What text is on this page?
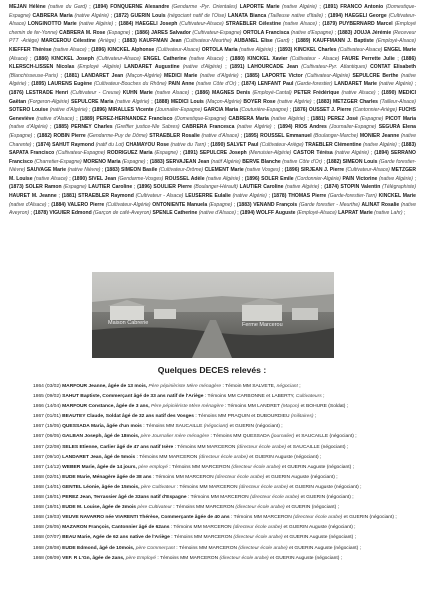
MEJAN Hélène (native du Gard) ; (1894) FONQUERNE Alexandre (Gendarme -Pyr. Orientales) LAPORTE Marie (native Algérie) ; (1891) FRANCO Antonio (Domestique-Espagne) CABRERA Maria (native Algérie) ; (1872) GUERIN Louis (négociant natif de l'Oise) LANATA Bianca (Tailleuse native d'Italie) ; (1894) HAEGELI George (Cultivateur-Alsace) LONGINOTTO Marie (native Algérie) ; (1884) HAEGELI Joseph (Cultivateur-Alsace) STRAEBLER Célestine (native Alsace) ; (1879) PUYBERNARD Marcel (Employé chemin de fer-Yonne) CABRERA M. Rose (Espagne) ; (1886) JARES Salvador (Cultivateur-Espagne) ORTOLA Francisca (native d'Espagne) ; (1883) JOUJA Jérémie (Receveur PTT -Ariège) MARCEROU Célestine (Ariège) ; (1883) KAUFFMAN Jean (Cultivateur-Meurthe) AUBANEL Elise (Gard) ; (1889) KAUFFMANN J. Baptiste (Employé-Alsace) KIEFFER Thérèse (native Alsace) ; (1896) KINCKEL Alphonse (Cultivateur-Alsace) ORTOLA Maria (native Algérie) ; (1893) KINCKEL Charles (Cultivateur-Alsace) ENGEL Marie (Alsace) ; (1886) KINCKEL Joseph (Cultivateur-Alsace) ENGEL Catherine (native Alsace) ; (1880) KINCKEL Xavier (Cultivateur - Alsace) FAURE Perrette Julie ; (1886) KLERSCH-LISSEN Nicolas (Employé -Algérie) LANDARET Augustine (native d'Algérie) ; (1891) LAHOURCADE Jean (Cultivateur-Pyr. Atlantiques) CONTAT Elisabeth (Blanchisseuse-Paris) ; (1881) LANDARET Jean (Maçon-Algérie) MEDICI Marie (native d'Algérie) ; (1885) LAPORTE Victor (Cultivateur-Algérie) SEPULCRE Berthe (native Algérie) ; (1895) LAURENS Eugène (Cultivateur-Bouches du Rhône) PAIN Anne (native Côte d'Or) ; (1874) LENFANT Paul (Garde-forestier) LANDARET Marie (native Algérie) ; (1876) LESTRADE Henri (Cultivateur - Creuse) KUHN Marie (native Alsace) ; (1886) MAGNES Denis (Employé-Cantal) PETER Frédérique (native Alsace) ; (1890) MEDICI Gaëtan (Forgeron-Algérie) SEPULCRE Maria (native Algérie) ; (1888) MEDICI Louis (Maçon-Algérie) BOYER Rose (native Algérie) ; (1883) METZGER Charles (Tailleur-Alsace) SOTERO Louise (native d'Algérie) ; (1896) MIRALLES Vicente (Journalier-Espagne) GARCIA Maria (Couturière-Espagne) ; (1876) OUSSET J. Pierre (Cantonnier-Ariège) FUCHS Geneviève (native d'Alsace) ; (1889) PEREZ-HERNANDEZ Francisco (Domestique-Espagne) CABRERA Maria (native Algérie) ; (1881) PEREZ José (Espagne) PICOT Maria (native d'Algérie) ; (1885) PERNEY Charles (Greffier justice-Nle Sabres) CABRERA Francesca (native Algérie) ; (1894) RIOS Andres (Journalier-Espagne) SEGURA Elena (Espagne) ; (1882) ROBIN Pierre (Gendarme-Puy de Dôme) STRAEBLER Rosalie (native d'Alsace) ; (1895) ROUSSEL Emmanuel (Boulanger-Marche) MONIER Jeanne (native Charente) ; (1874) SAHUT Raymond (natif du Lot) CHAMAYOU Rose (native du Tarn) ; (1890) SALVET Paul (Cultivateur-Ariège) TRAEBLER Clémentine (native Algérie) ; (1883) SAPATA Francisco (Cultivateur-Espagne) RODRIGUEZ Maria (Espagne) ; (1891) SEPULCRE Joseph (Menuisier-Algérie) CASTOR Térésa (native Algérie) ; (1894) SERRANO Francisco (Charretier-Espagne) MORENO Maria (Espagne) ; (1883) SERVAJEAN Jean (natif Algérie) BERVE Blanche (native Côte d'Or) ; (1882) SIMEON Louis (Garde forestier-Nièvre) SAUVAGE Marie (native Nièvre) ; (1883) SIMEON Basile (Cultivateur-Drôme) CLEMENT Marie (native Vosges) ; (1896) SIRJEAN J. Pierre (Cultivateur-Alsace) METZGER M. Louise (native Alsace) ; (1890) SIVEL Jean (Gendarme-Vosges) ROUSSEL Adèle (native Algérie) ; (1896) SOLER Emile (Cordonnier-Algérie) PAIN Victorine (native Algérie) ; (1873) SOLER Ramon (Espagne) LAUTIER Caroline ; (1896) SOULIER Pierre (Boulanger-Hérault) LAUTIER Caroline (native Algérie) ; (1874) STOPIN Valentin (Télégraphiste) HAURET M. Jeanne ; (1881) STRAEBLER Raymond (Cultivateur - Alsace) LEUSERRE Eulalie (native Algérie) ; (1878) THOMAS Pierre (Garde-forestier-Tarn) KINCKEL Marie (native d'Alsace) ; (1884) VALERO Pierre (Cultivateur-Algérie) ONTONIENTE Manuela (Espagne) ; (1883) VENAND François (Garde forestier - Meurthe) ALINAT Rosalie (native Aveyron) ; (1878) VIGUIER Edmond (Garçon de café-Aveyron) SPENLE Catherine (native d'Alsace) ; (1894) WOLFF Auguste (Employé-Alsace) LAPRAT Marie (native Lahr) ;
Maison Cabrerie	Ferme Marcerou
Quelques DECES relevés :
1864 (03/02) MARFOUR Jeanne, âgée de 13 mois, Père pépinièriste Mère ménagère : Témoin MM SALVETE, négociant ;
1865 (09/02) SAHUT Baptiste, Commerçant âgé de 33 ans natif de l'Ariège : Témoins MM CARBONNE et LABERTY, Cultivateurs ;
1866 (14/04) MARFOUR Constance, âgée de 3 ans, Père pépinièriste Mère ménagère : Témoins MM LANDRET (Maçon) et BOHURE (Soldat) ;
1867 (01/01) BEAUTEY Claude, Soldat âgé de 32 ans natif des Vosges : Témoins MM PRAQUIN et DUBOURDIEU (militaires) ;
1867 (15/05) QUESSADA Maria, âgée d'un mois : Témoins MM SAUCAILLE (négociant) et GUERIN (négociant) ;
1867 (06/05) GALBAN Joseph, âgé de 18mois, père Journalier mère ménagère : Témoins MM QUESSADA (journalier) et SAUCAILLE (négociant) ;
1867 (22/08) SELES Etienne, Carlier âgé de 47 ans natif Isère : Témoins MM MARCERON (directeur école arabe) et SAUCAILLE (négociant) ;
1867 (09/10) LANDARET Jean, âgé de 5mois : Témoins MM MARCERON (directeur école arabe) et GUERIN Auguste (négociant) ;
1867 (14/12) WEBER Marie, âgée de 14 jours, père employé : Témoins MM MARCERON (directeur école arabe) et GUERIN Auguste (négociant) ;
1868 (02/01) EUDE Marie, Ménagère âgée de 38 ans : Témoins MM MARCERON (directeur école arabe) et GUERIN Auguste (négociant) ;
1868 (14/01) GENTEL Léonie, âgée de 15mois, père Cultivateur : Témoins MM MARCERON (directeur école arabe) et GUERIN Auguste (négociant) ;
1868 (18/01) PEREZ Jean, Terrassier âgé de 33ans natif d'Espagne : Témoins MM MARCERON (directeur école arabe) et GUERIN (négociant) ;
1868 (18/01) EUDE M. Louise, âgée de 3mois père Cultivateur : Témoins MM MARCERON (directeur école arabe) et GUERIN (négociant) ;
1868 (19/03) VEUVE NAVARRO née VIARENTI Thérèse, Commerçante âgée de 40 ans : Témoins MM MARCERON (directeur école arabe) et GUERIN (négociant) ;
1868 (26/05) MAZARON François, Cantonnier âgé de 62ans : Témoins MM MARCERON (directeur école arabe) et GUERIN Auguste (négociant) ;
1868 (07/07) BEAU Marie, Agée de 62 ans native de l'Ariège : Témoins MM MARCERON (directeur école arabe) et GUERIN Auguste (négociant) ;
1868 (28/08) EUDE Edmond, âgé de 10mois, père Commerçant : Témoins MM MARCERON (directeur école arabe) et GUERIN Auguste (négociant) ;
1868 (08/09) VEF. R L'Gn, âgée de 2ans, père Employé : Témoins MM MARCERON (directeur école arabe) et GUERIN Auguste (négociant) ;
